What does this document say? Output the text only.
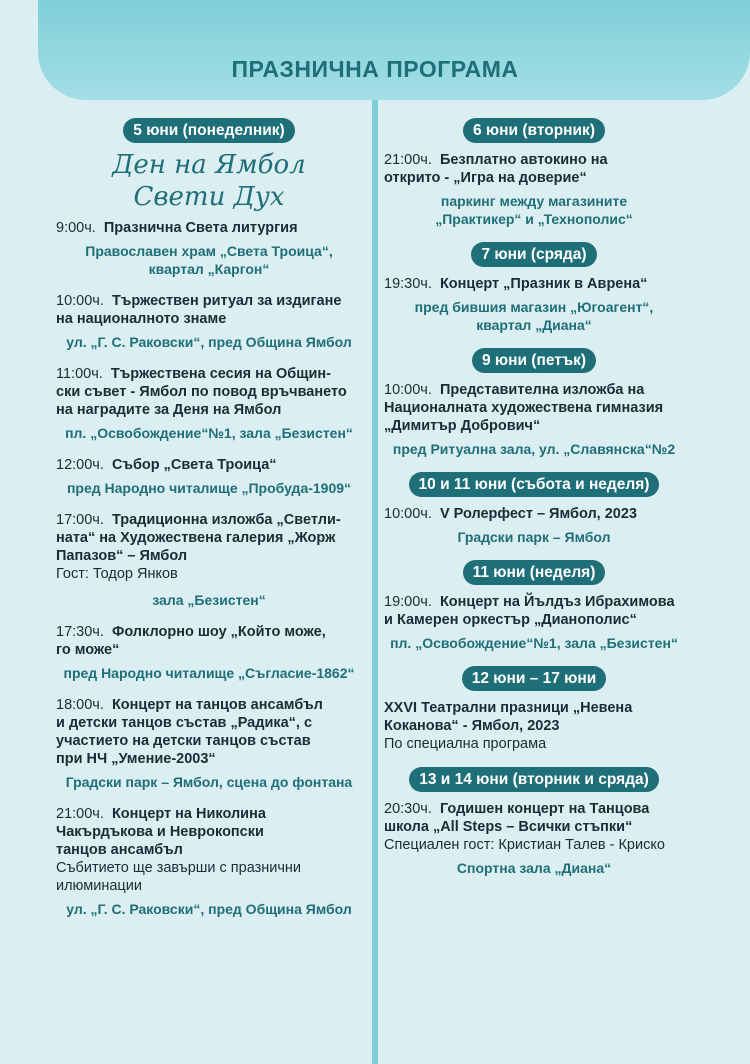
ПРАЗНИЧНА ПРОГРАМА
5 юни (понеделник)
Ден на Ямбол
Свети Дух
9:00ч. Празнична Света литургия
Православен храм „Света Троица“,
квартал „Каргон“
10:00ч. Тържествен ритуал за издигане
на националното знаме
ул. „Г. С. Раковски“, пред Община Ямбол
11:00ч. Тържествена сесия на Общин-
ски съвет - Ямбол по повод връчването
на наградите за Деня на Ямбол
пл. „Освобождение“№1, зала „Безистен“
12:00ч. Събор „Света Троица“
пред Народно читалище „Пробуда-1909“
17:00ч. Традиционна изложба „Светли-
ната“ на Художествена галерия „Жорж
Папазов“ – Ямбол
Гост: Тодор Янков
зала „Безистен“
17:30ч. Фолклорно шоу „Който може,
го може“
пред Народно читалище „Съгласие-1862“
18:00ч. Концерт на танцов ансамбъл
и детски танцов състав „Радика“, с
участието на детски танцов състав
при НЧ „Умение-2003“
Градски парк – Ямбол, сцена до фонтана
21:00ч. Концерт на Николина
Чакърдъкова и Неврокопски
танцов ансамбъл
Събитието ще завърши с празнични
илюминации
ул. „Г. С. Раковски“, пред Община Ямбол
6 юни (вторник)
21:00ч. Безплатно автокино на
открито - „Игра на доверие“
паркинг между магазините
„Практикер“ и „Технополис“
7 юни (сряда)
19:30ч. Концерт „Празник в Авренa“
пред бившия магазин „Югоагент“,
квартал „Диана“
9 юни (петък)
10:00ч. Представителна изложба на
Националната художествена гимназия
„Димитър Добрович“
пред Ритуална зала, ул. „Славянска“№2
10 и 11 юни (събота и неделя)
10:00ч. V Ролерфест – Ямбол, 2023
Градски парк – Ямбол
11 юни (неделя)
19:00ч. Концерт на Йълдъз Ибрахимова
и Камерен оркестър „Дианополис“
пл. „Освобождение“№1, зала „Безистен“
12 юни – 17 юни
XXVI Театрални празници „Невена
Коканова“ - Ямбол, 2023
По специална програма
13 и 14 юни (вторник и сряда)
20:30ч. Годишен концерт на Танцова
школа „All Steps – Всички стъпки“
Специален гост: Кристиан Талев - Криско
Спортна зала „Диана“
